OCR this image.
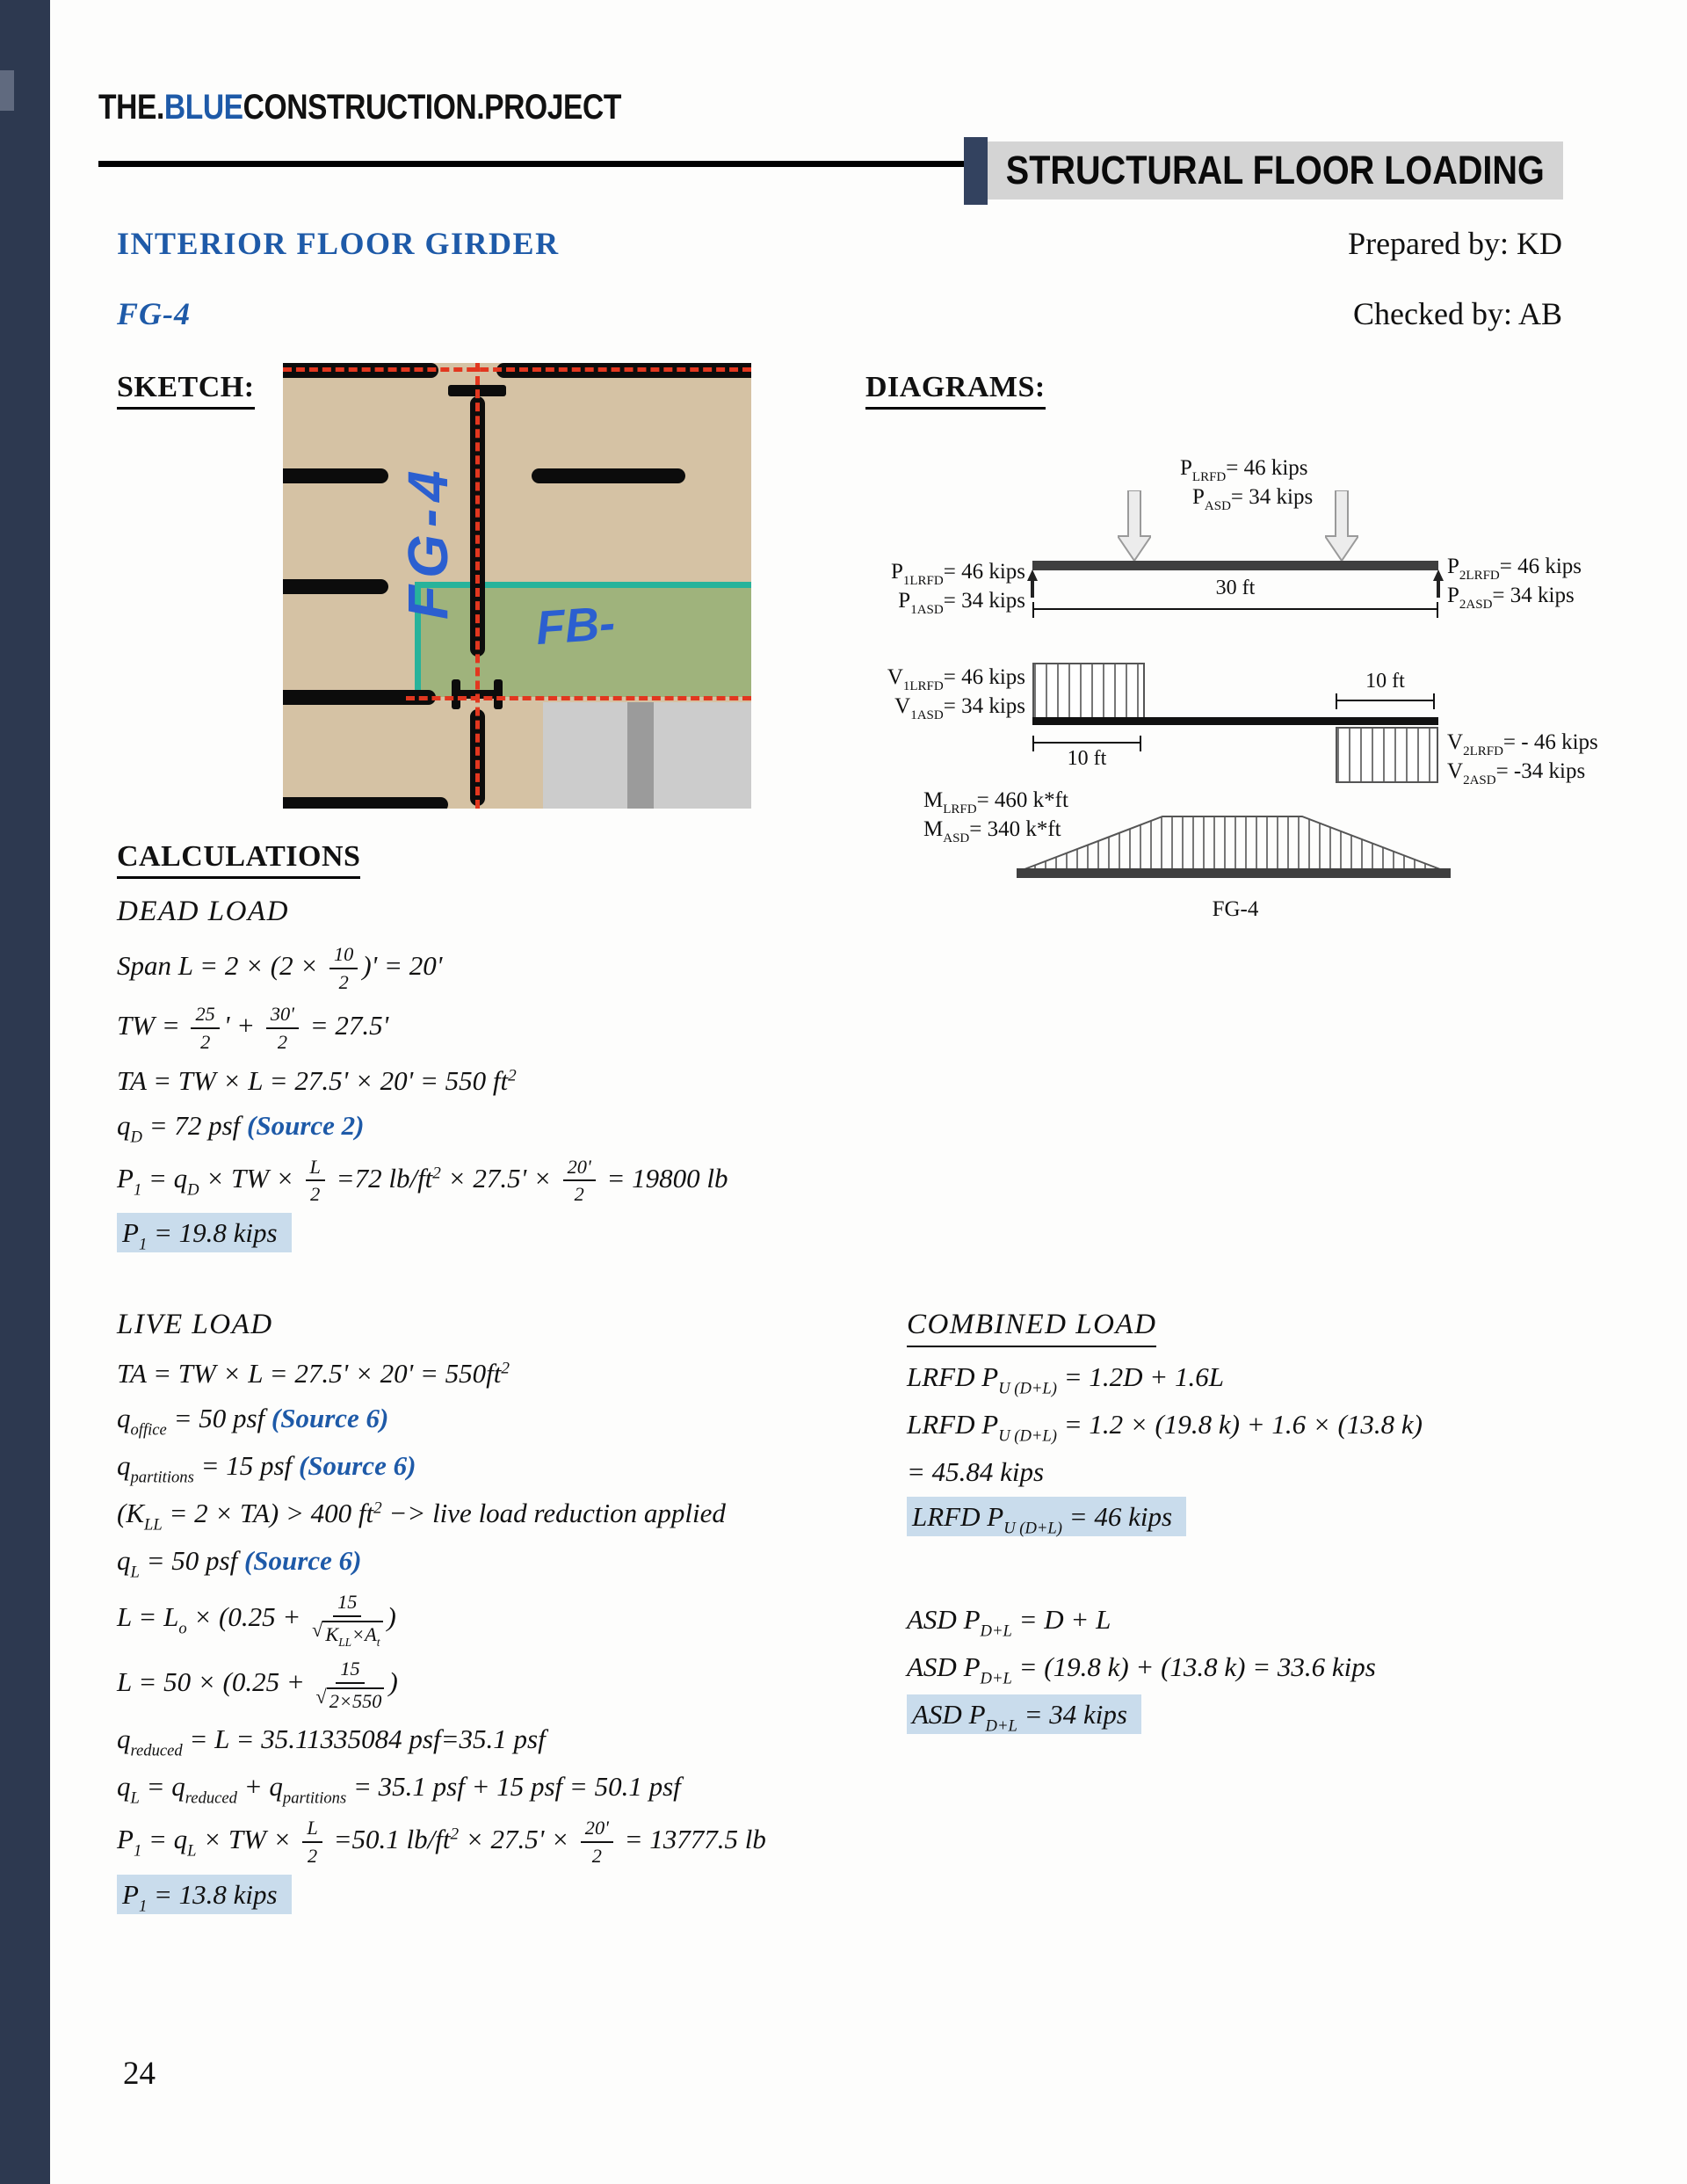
THE.BLUECONSTRUCTION.PROJECT
STRUCTURAL FLOOR LOADING
INTERIOR FLOOR GIRDER	Prepared by: KD
FG-4	Checked by: AB
SKETCH:	DIAGRAMS:
CALCULATIONS
FG-4
FB-
$P_{LRFD}= 46$ kips
$P_{ASD}= 34$ kips
$P_{1LRFD}= 46$ kips
$P_{1ASD}= 34$ kips
$P_{2LRFD}= 46$ kips
$P_{2ASD}= 34$ kips
30 ft
$V_{1LRFD}= 46$ kips
$V_{1ASD}= 34$ kips
10 ft
10 ft
$V_{2LRFD}= - 46$ kips
$V_{2ASD}= -34$ kips
$M_{LRFD}= 460$ k*ft
$M_{ASD}= 340$ k*ft
FG-4
DEAD LOAD
Span $L = 2 \times (2 \times \frac{10}{2}$ )' = 20'
TW = $\frac{25}{2}$ ' + $\frac{30'}{2} = 27.5'$
TA = TW × L = 27.5' × 20' = 550 $ft^2$
$q_D = 72$ psf (Source 2)
$P_1 = q_D$ × TW × $\frac{L}{2} =72$ $lb/ft^2 \times 27.5' \times \frac{20'}{2} = 19800$ lb
$P_1 = 19.8$ kips
LIVE LOAD
TA = TW × $L = 27.5' \times 20' = 550ft^2$
$q_{office} = 50$ psf (Source 6)
$q_{partitions} = 15$ psf (Source 6)
$(K_{LL} = 2 \times TA) > 400$ $ft^2$ −> live load reduction applied
$q_L = 50$ psf (Source 6)
$L = L_o \times (0.25 + \frac{15}{√ K_{LL}\times A_t}$ )
$L = 50 \times (0.25 + \frac{15}{√ 2\times 550}$ )
$q_{reduced} = L = 35.11335084$ psf=35.1 psf
$q_L = q_{reduced} + q_{partitions} = 35.1$ psf + 15 psf = 50.1 psf
$P_1 = q_L$ × TW × $\frac{L}{2} =50.1$ $lb/ft^2 \times 27.5' \times \frac{20'}{2} = 13777.5$ lb
$P_1 = 13.8$ kips
COMBINED LOAD
LRFD $P_{U (D+L)} = 1.2D + 1.6L$
LRFD $P_{U (D+L)} = 1.2 \times (19.8$ k) + 1.6 × (13.8 k)
= 45.84 kips
LRFD $P_{U (D+L)} = 46$ kips
ASD $P_{D+L} = D + L$
ASD $P_{D+L} = (19.8$ k) + (13.8 k) = 33.6 kips
ASD $P_{D+L} = 34$ kips
24
